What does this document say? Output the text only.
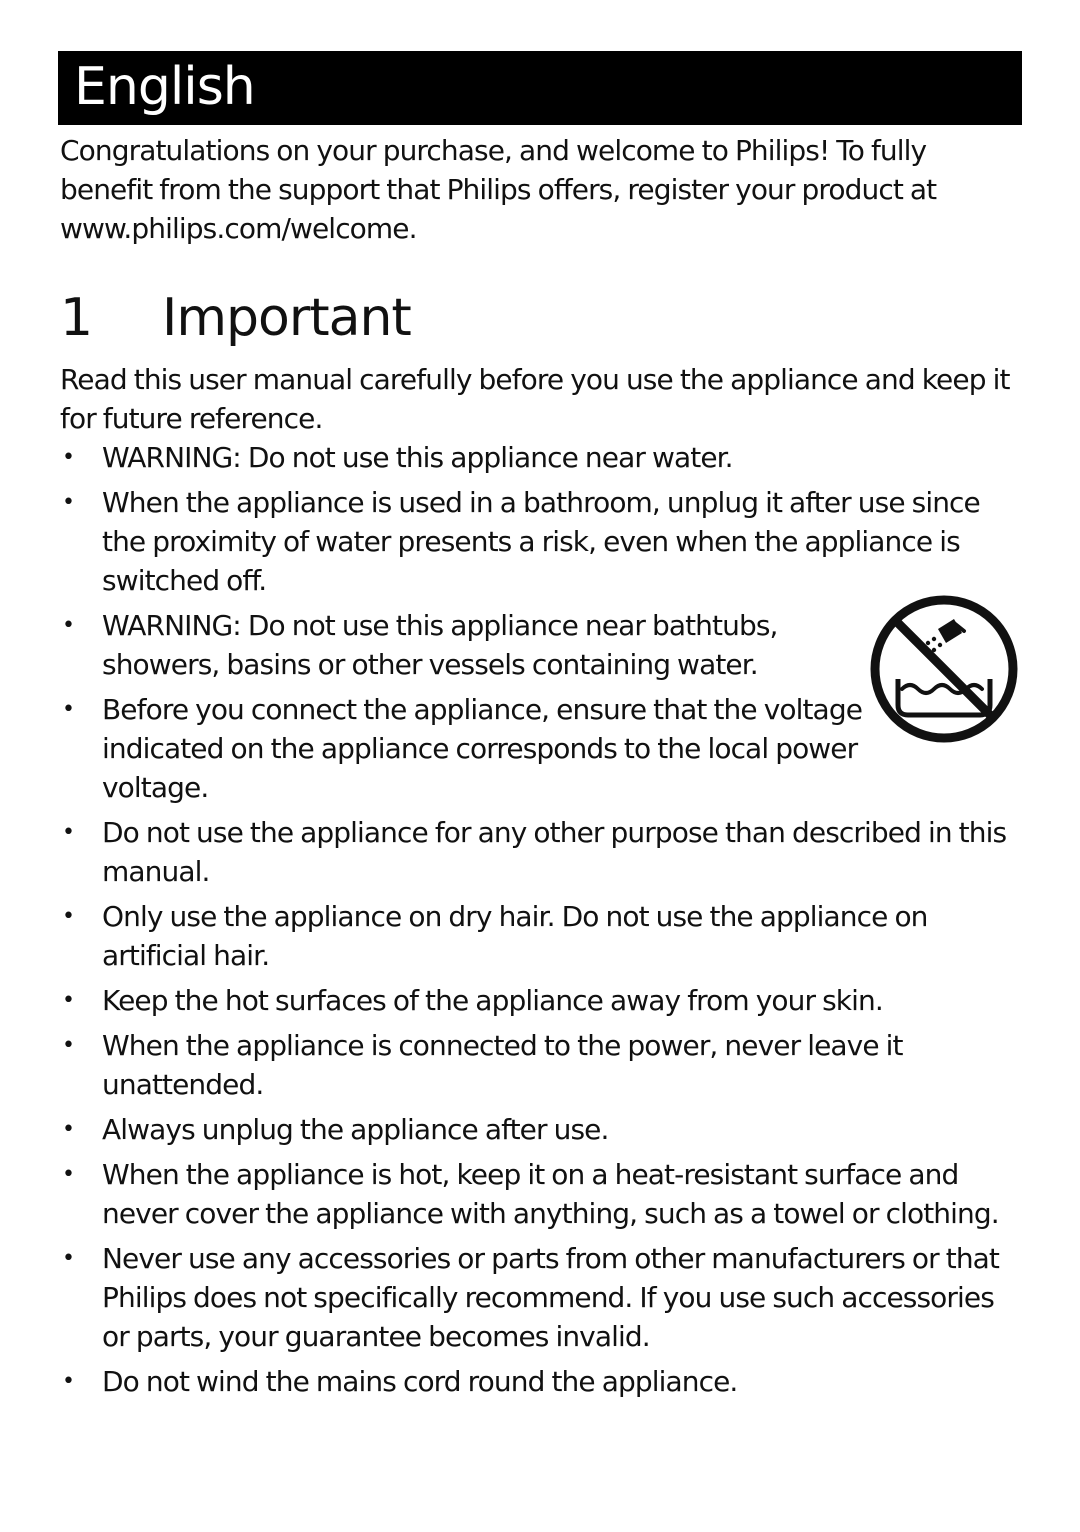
English

Congratulations on your purchase, and welcome to Philips! To fully benefit from the support that Philips offers, register your product at www.philips.com/welcome.

1 Important

Read this user manual carefully before you use the appliance and keep it for future reference.

• WARNING: Do not use this appliance near water.
• When the appliance is used in a bathroom, unplug it after use since the proximity of water presents a risk, even when the appliance is switched off.
• WARNING: Do not use this appliance near bathtubs, showers, basins or other vessels containing water.
• Before you connect the appliance, ensure that the voltage indicated on the appliance corresponds to the local power voltage.
• Do not use the appliance for any other purpose than described in this manual.
• Only use the appliance on dry hair. Do not use the appliance on artificial hair.
• Keep the hot surfaces of the appliance away from your skin.
• When the appliance is connected to the power, never leave it unattended.
• Always unplug the appliance after use.
• When the appliance is hot, keep it on a heat-resistant surface and never cover the appliance with anything, such as a towel or clothing.
• Never use any accessories or parts from other manufacturers or that Philips does not specifically recommend. If you use such accessories or parts, your guarantee becomes invalid.
• Do not wind the mains cord round the appliance.
